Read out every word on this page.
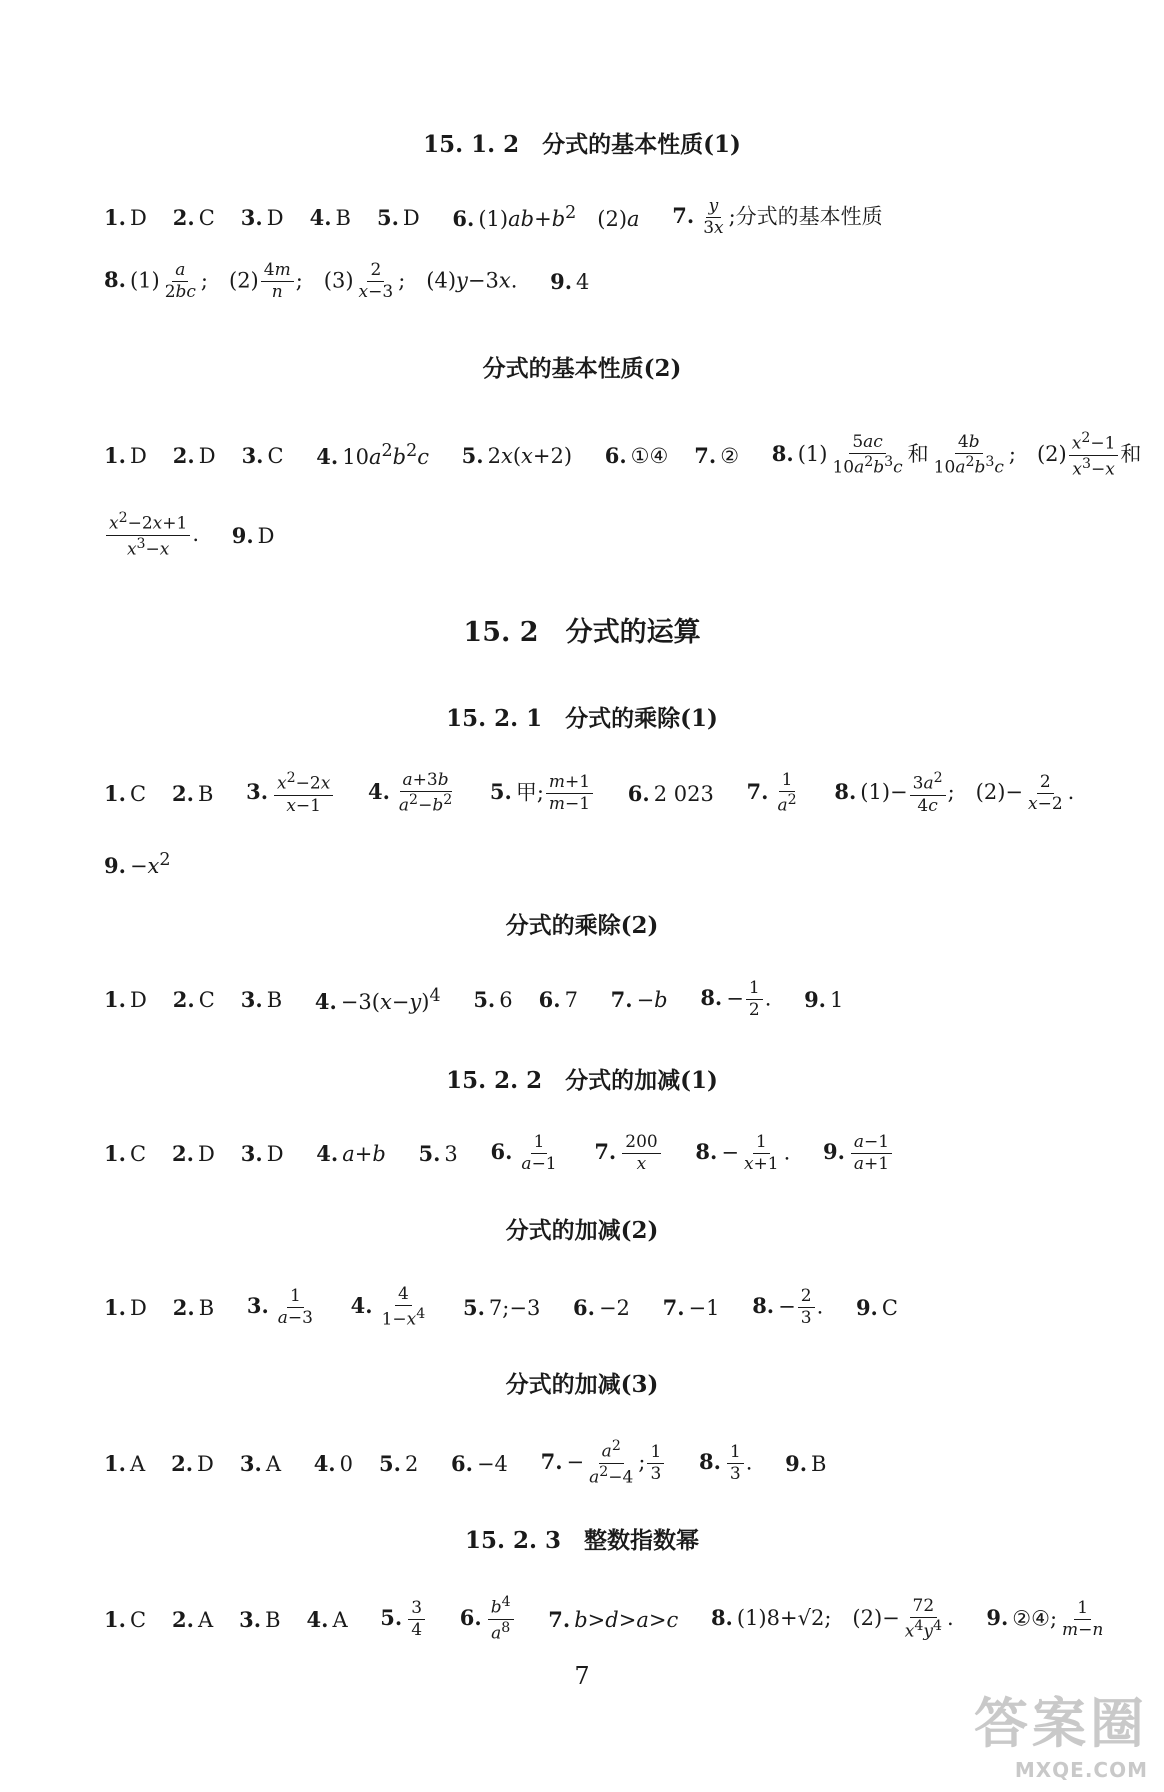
15. 1. 2　分式的基本性质(1)
1. D 2. C 3. D 4. B 5. D 6. $(1)ab+b^2$　(2)a 7. $\frac{y}{3x}$ ;分式的基本性质
8. $(1) \frac{a}{2bc}$ ;　$(2) \frac{4m}{n}$ ;　$(3) \frac{2}{x-3}$ ;　(4)y−3x. 9. 4
分式的基本性质(2)
1. D 2. D 3. C 4. $10a^2b^2c$ 5. 2x(x+2) 6. ①④ 7. ② 8. $(1) \frac{5ac}{10a^2b^3c}$ 和 $\frac{4b}{10a^2b^3c}$ ;　$(2) \frac{x^2-1}{x^3-x}$ 和
$\frac{x^2-2x+1}{x^3-x}$ . 9. D
15. 2　分式的运算
15. 2. 1　分式的乘除(1)
1. C 2. B 3. $\frac{x^2-2x}{x-1} 4$. $\frac{a+3b}{a^2-b^2} 5$. 甲; $\frac{m+1}{m-1} 6$. 2 023 7. $\frac{1}{a^2} 8$. $(1)- \frac{3a^2}{4c}$ ;　$(2)- \frac{2}{x-2}$ .
9. $-x^2$
分式的乘除(2)
1. D 2. C 3. B 4. $-3(x-y)^4$ 5. 6 6. 7 7. −b 8. − $\frac{1}{2}$ . 9. 1
15. 2. 2　分式的加减(1)
1. C 2. D 3. D 4. a+b 5. 3 6. $\frac{1}{a-1} 7$. $\frac{200}{x} 8$. − $\frac{1}{x+1}$ . 9. $\frac{a-1}{a+1}$
分式的加减(2)
1. D 2. B 3. $\frac{1}{a-3} 4$. $\frac{4}{1-x^4} 5$. 7;−3 6. −2 7. −1 8. − $\frac{2}{3}$ . 9. C
分式的加减(3)
1. A 2. D 3. A 4. 0 5. 2 6. −4 7. − $\frac{a^2}{a^2-4}$ ; $\frac{1}{3} 8$. $\frac{1}{3}$ . 9. B
15. 2. 3　整数指数幂
1. C 2. A 3. B 4. A 5. $\frac{3}{4} 6$. $\frac{b^4}{a^8} 7$. b>d>a>c 8. (1)8+√2;　$(2)- \frac{72}{x^4y^4}$ . 9. ②④; $\frac{1}{m-n}$
7
答案圈
MXQE.COM
